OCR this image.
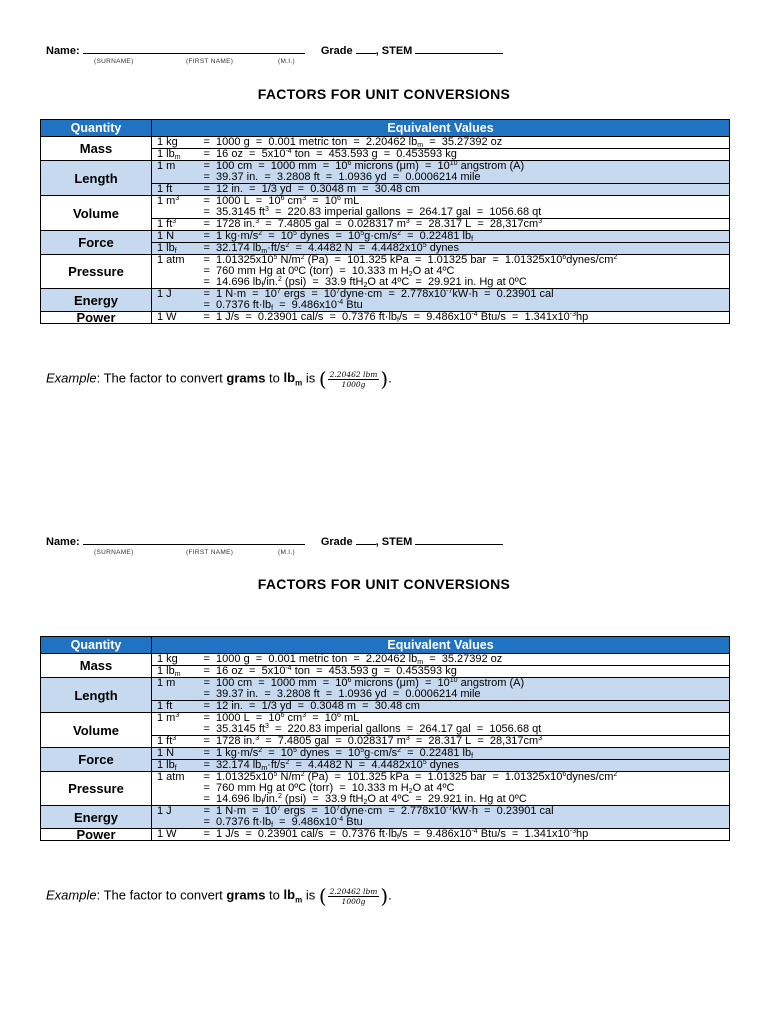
Name:	Grade , STEM
(SURNAME)	(FIRST NAME)	(M.I.)
FACTORS FOR UNIT CONVERSIONS
Quantity	Equivalent Values	
Mass	1 kg	=  1000 g  =  0.001 metric ton  =  2.20462 $lb_m = 35.27392$ oz
	1 $lb_m$	=  16 oz  =  $5x10^{-4}$ ton  =  453.593 g  =  0.453593 kg
Length	1 m	=  100 cm  =  1000 mm  =  $10^6$ microns $(\mu m) = 10^{10}$ angstrom (A)
		=  39.37 in.  =  3.2808 ft  =  1.0936 yd  =  0.0006214 mile
	1 ft	=  12 in.  =  1/3 yd  =  0.3048 m  =  30.48 cm
Volume	1 $m^3$	=  1000 $L = 10^6$ $cm^3 = 10^6$ mL
		=  35.3145 $ft^3 = 220.83$ imperial gallons  =  264.17 gal  =  1056.68 qt
	1 $ft^3$	=  1728 in.$^3$  =  7.4805 gal  =  0.028317 $m^3 = 28.317$ $L = 28,317cm^3$
Force	1 N	=  1 $kg\cdot m/s^2 = 10^5$ dynes  =  $10^5g\cdot cm/s^2 = 0.22481$ $lb_f$
	1 $lb_f$	=  32.174 $lb_m\cdot ft/s^2 = 4.4482$ $N = 4.4482x10^5$ dynes
Pressure	1 atm	=  $1.01325x10^5$ $N/m^2$ (Pa)  =  101.325 kPa  =  1.01325 bar  =  $1.01325x10^6dynes/cm^2$
		=  760 mm Hg at 0ºC (torr)  =  10.333 m $H_2O$ at 4ºC
		=  14.696 $lb_f/in.^2$ (psi)  =  33.9 ftH$_2$O at 4ºC  =  29.921 in. Hg at 0ºC
Energy	1 J	=  1 $N\cdot m = 10^7$ ergs  =  $10^7dyne\cdot cm = 2.778x10^{-7}kW\cdot h = 0.23901$ cal
		=  0.7376 $ft\cdot lb_f = 9.486x10^{-4}$ Btu
Power	1 W	=  1 J/s  =  0.23901 cal/s  =  0.7376 $ft\cdot lb_f/s = 9.486x10^{-4}$ $Btu/s = 1.341x10^{-3}hp$
Example: The factor to convert grams to $lb_m$ is ( $\frac{\text{2.20462 lbm}}{1000g}$ ).
Name:	Grade , STEM
(SURNAME)	(FIRST NAME)	(M.I.)
FACTORS FOR UNIT CONVERSIONS
Quantity	Equivalent Values	
Mass	1 kg	=  1000 g  =  0.001 metric ton  =  2.20462 $lb_m = 35.27392$ oz
	1 $lb_m$	=  16 oz  =  $5x10^{-4}$ ton  =  453.593 g  =  0.453593 kg
Length	1 m	=  100 cm  =  1000 mm  =  $10^6$ microns $(\mu m) = 10^{10}$ angstrom (A)
		=  39.37 in.  =  3.2808 ft  =  1.0936 yd  =  0.0006214 mile
	1 ft	=  12 in.  =  1/3 yd  =  0.3048 m  =  30.48 cm
Volume	1 $m^3$	=  1000 $L = 10^6$ $cm^3 = 10^6$ mL
		=  35.3145 $ft^3 = 220.83$ imperial gallons  =  264.17 gal  =  1056.68 qt
	1 $ft^3$	=  1728 in.$^3$  =  7.4805 gal  =  0.028317 $m^3 = 28.317$ $L = 28,317cm^3$
Force	1 N	=  1 $kg\cdot m/s^2 = 10^5$ dynes  =  $10^5g\cdot cm/s^2 = 0.22481$ $lb_f$
	1 $lb_f$	=  32.174 $lb_m\cdot ft/s^2 = 4.4482$ $N = 4.4482x10^5$ dynes
Pressure	1 atm	=  $1.01325x10^5$ $N/m^2$ (Pa)  =  101.325 kPa  =  1.01325 bar  =  $1.01325x10^6dynes/cm^2$
		=  760 mm Hg at 0ºC (torr)  =  10.333 m $H_2O$ at 4ºC
		=  14.696 $lb_f/in.^2$ (psi)  =  33.9 ftH$_2$O at 4ºC  =  29.921 in. Hg at 0ºC
Energy	1 J	=  1 $N\cdot m = 10^7$ ergs  =  $10^7dyne\cdot cm = 2.778x10^{-7}kW\cdot h = 0.23901$ cal
		=  0.7376 $ft\cdot lb_f = 9.486x10^{-4}$ Btu
Power	1 W	=  1 J/s  =  0.23901 cal/s  =  0.7376 $ft\cdot lb_f/s = 9.486x10^{-4}$ $Btu/s = 1.341x10^{-3}hp$
Example: The factor to convert grams to $lb_m$ is ( $\frac{\text{2.20462 lbm}}{1000g}$ ).
